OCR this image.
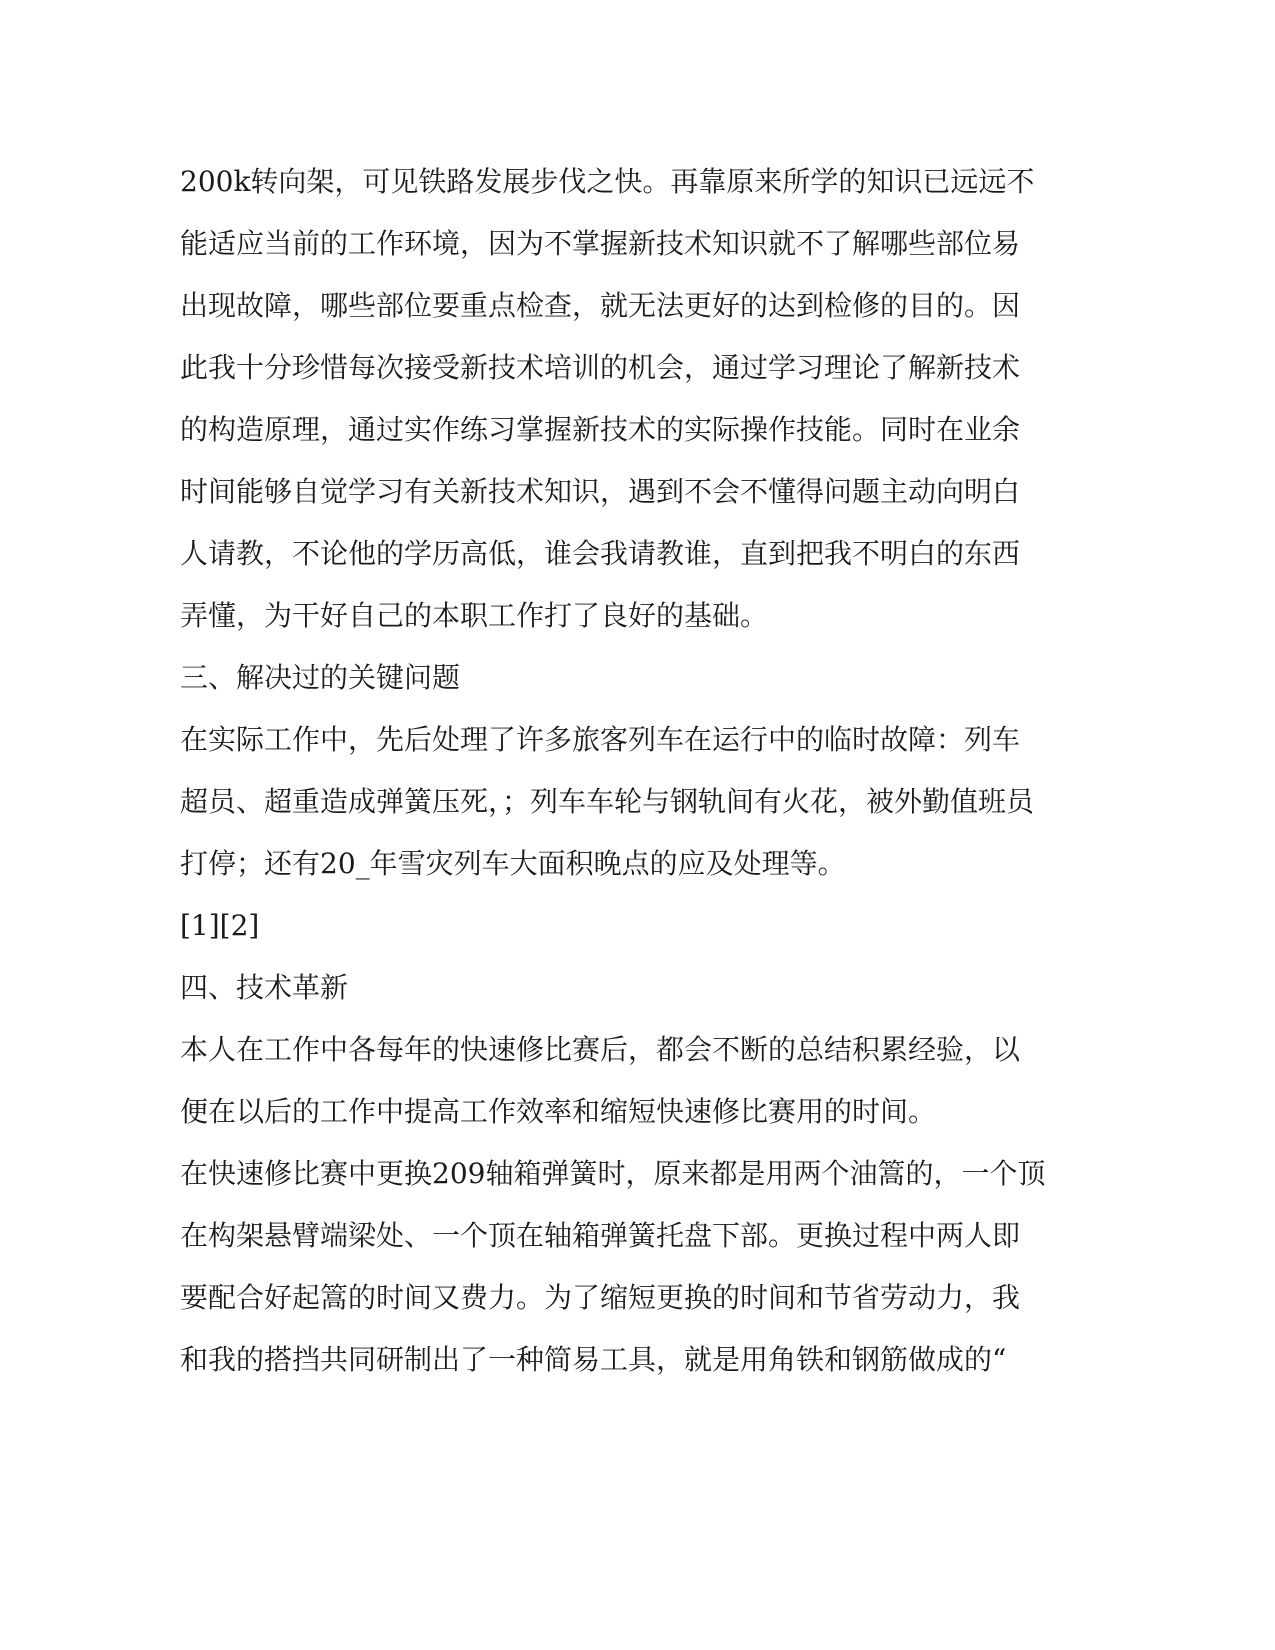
200k转向架，可见铁路发展步伐之快。再靠原来所学的知识已远远不
能适应当前的工作环境，因为不掌握新技术知识就不了解哪些部位易
出现故障，哪些部位要重点检查，就无法更好的达到检修的目的。因
此我十分珍惜每次接受新技术培训的机会，通过学习理论了解新技术
的构造原理，通过实作练习掌握新技术的实际操作技能。同时在业余
时间能够自觉学习有关新技术知识，遇到不会不懂得问题主动向明白
人请教，不论他的学历高低，谁会我请教谁，直到把我不明白的东西
弄懂，为干好自己的本职工作打了良好的基础。
三、解决过的关键问题
在实际工作中，先后处理了许多旅客列车在运行中的临时故障：列车
超员、超重造成弹簧压死，；列车车轮与钢轨间有火花，被外勤值班员
打停；还有20_年雪灾列车大面积晚点的应及处理等。
[1][2]
四、技术革新
本人在工作中各每年的快速修比赛后，都会不断的总结积累经验，以
便在以后的工作中提高工作效率和缩短快速修比赛用的时间。
在快速修比赛中更换209轴箱弹簧时，原来都是用两个油篙的，一个顶
在构架悬臂端梁处、一个顶在轴箱弹簧托盘下部。更换过程中两人即
要配合好起篙的时间又费力。为了缩短更换的时间和节省劳动力，我
和我的搭挡共同研制出了一种简易工具，就是用角铁和钢筋做成的“
